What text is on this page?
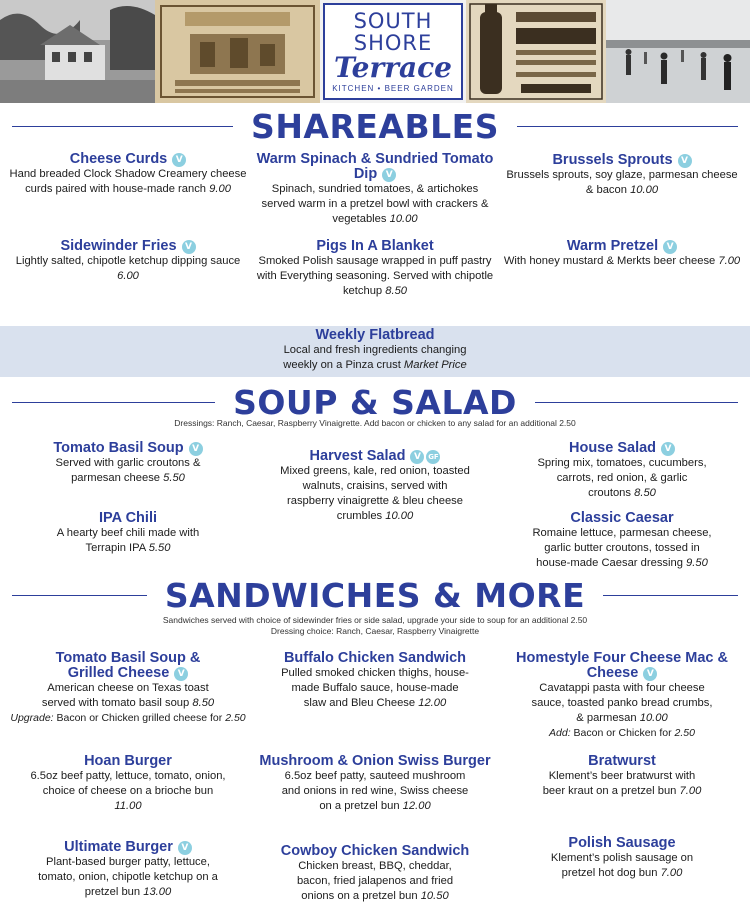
SOUTH
SHORE
Terrace
KITCHEN • BEER GARDEN
SHAREABLES
Cheese Curds V
Hand breaded Clock Shadow Creamery cheese curds paired with house-made ranch 9.00
Warm Spinach & Sundried Tomato Dip V
Spinach, sundried tomatoes, & artichokes served warm in a pretzel bowl with crackers & vegetables 10.00
Brussels Sprouts V
Brussels sprouts, soy glaze, parmesan cheese & bacon 10.00
Sidewinder Fries V
Lightly salted, chipotle ketchup dipping sauce 6.00
Pigs In A Blanket
Smoked Polish sausage wrapped in puff pastry with Everything seasoning. Served with chipotle ketchup 8.50
Warm Pretzel V
With honey mustard & Merkts beer cheese 7.00
Weekly Flatbread
Local and fresh ingredients changing weekly on a Pinza crust Market Price
SOUP & SALAD
Dressings: Ranch, Caesar, Raspberry Vinaigrette. Add bacon or chicken to any salad for an additional 2.50
Tomato Basil Soup V
Served with garlic croutons & parmesan cheese 5.50
Harvest Salad V GF
Mixed greens, kale, red onion, toasted walnuts, craisins, served with raspberry vinaigrette & bleu cheese crumbles 10.00
House Salad V
Spring mix, tomatoes, cucumbers, carrots, red onion, & garlic croutons 8.50
IPA Chili
A hearty beef chili made with Terrapin IPA 5.50
Classic Caesar
Romaine lettuce, parmesan cheese, garlic butter croutons, tossed in house-made Caesar dressing 9.50
SANDWICHES & MORE
Sandwiches served with choice of sidewinder fries or side salad, upgrade your side to soup for an additional 2.50
Dressing choice: Ranch, Caesar, Raspberry Vinaigrette
Tomato Basil Soup & Grilled Cheese V
American cheese on Texas toast served with tomato basil soup 8.50
Upgrade: Bacon or Chicken grilled cheese for 2.50
Buffalo Chicken Sandwich
Pulled smoked chicken thighs, house-made Buffalo sauce, house-made slaw and Bleu Cheese 12.00
Homestyle Four Cheese Mac & Cheese V
Cavatappi pasta with four cheese sauce, toasted panko bread crumbs, & parmesan 10.00
Add: Bacon or Chicken for 2.50
Hoan Burger
6.5oz beef patty, lettuce, tomato, onion, choice of cheese on a brioche bun 11.00
Mushroom & Onion Swiss Burger
6.5oz beef patty, sauteed mushroom and onions in red wine, Swiss cheese on a pretzel bun 12.00
Bratwurst
Klement’s beer bratwurst with beer kraut on a pretzel bun 7.00
Ultimate Burger V
Plant-based burger patty, lettuce, tomato, onion, chipotle ketchup on a pretzel bun 13.00
Cowboy Chicken Sandwich
Chicken breast, BBQ, cheddar, bacon, fried jalapenos and fried onions on a pretzel bun 10.50
Polish Sausage
Klement’s polish sausage on pretzel hot dog bun 7.00
